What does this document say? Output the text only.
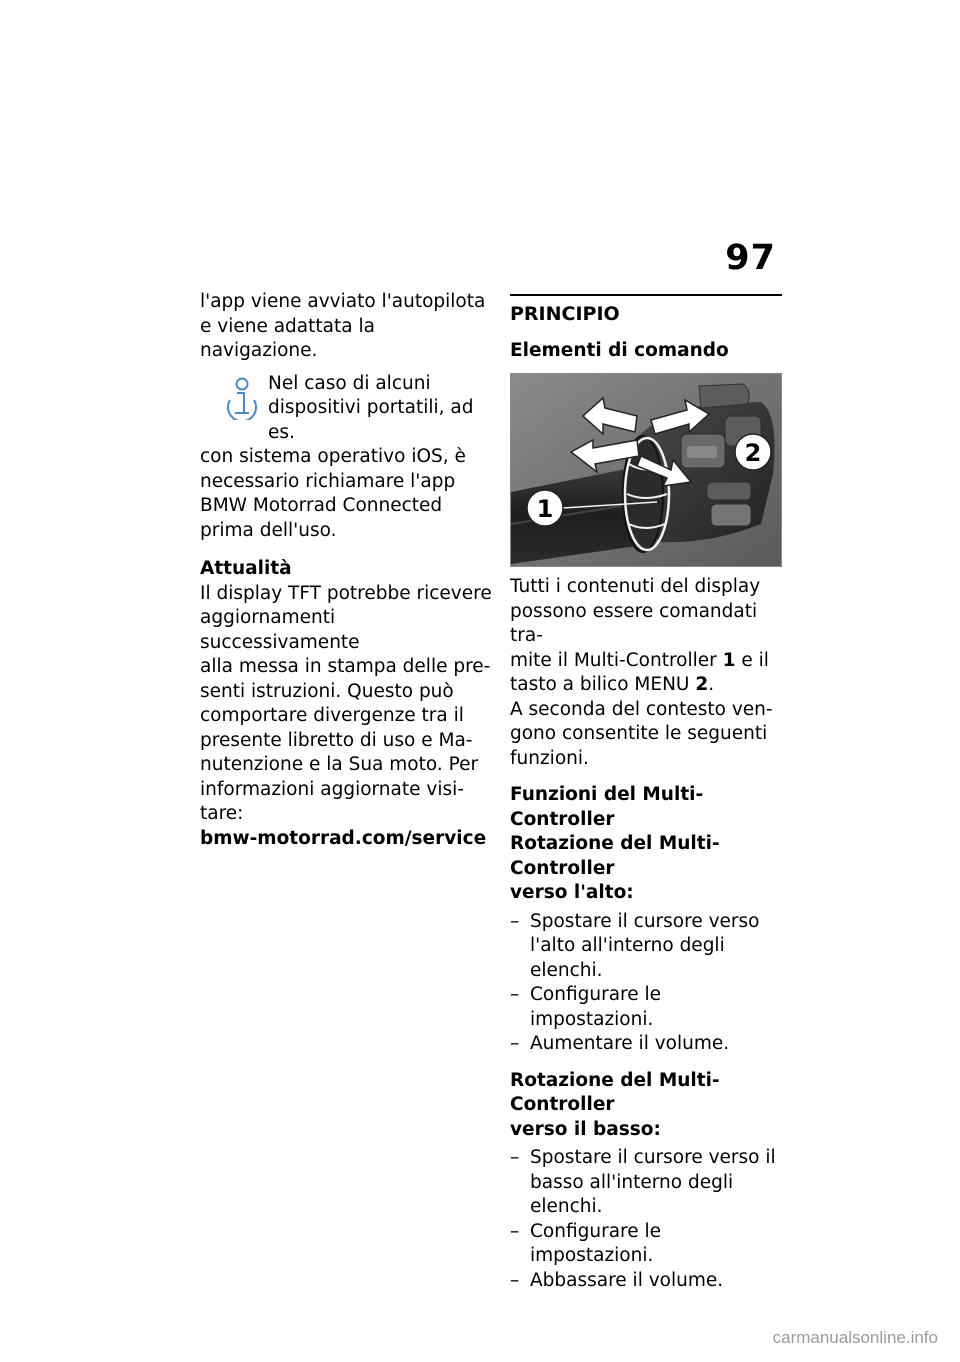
97

l'app viene avviato l'autopilota

e viene adattata la navigazione.

Nel caso di alcuni

dispositivi portatili, ad es.

con sistema operativo iOS, è

necessario richiamare l'app

BMW Motorrad Connected

prima dell'uso.

Attualità

Il display TFT potrebbe ricevere

aggiornamenti successivamente

alla messa in stampa delle pre-

senti istruzioni. Questo può

comportare divergenze tra il

presente libretto di uso e Ma-

nutenzione e la Sua moto. Per

informazioni aggiornate visi-

tare:

bmw-motorrad.com/service

PRINCIPIO

Elementi di comando

1
2

Tutti i contenuti del display

possono essere comandati tra-

mite il Multi-Controller 1 e il

tasto a bilico MENU 2.

A seconda del contesto ven-

gono consentite le seguenti

funzioni.

Funzioni del Multi-Controller

Rotazione del Multi-Controller

verso l'alto:

– Spostare il cursore verso l'alto all'interno degli elenchi.
– Configurare le impostazioni.
– Aumentare il volume.

Rotazione del Multi-Controller

verso il basso:

– Spostare il cursore verso il basso all'interno degli elenchi.
– Configurare le impostazioni.
– Abbassare il volume.
carmanualsonline.info
